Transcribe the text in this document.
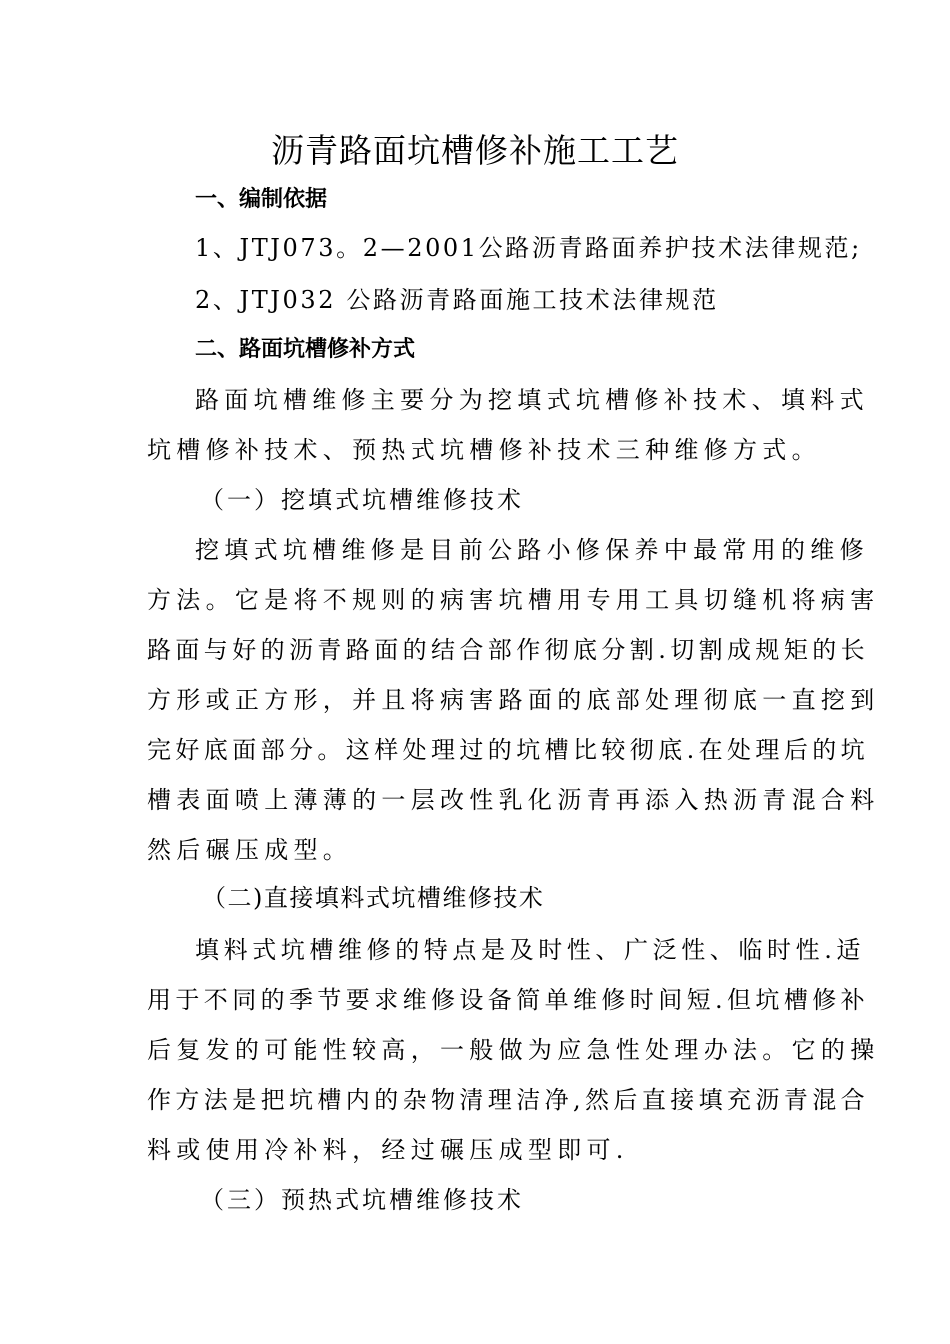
沥青路面坑槽修补施工工艺
一、编制依据
1、JTJ073。2—2001公路沥青路面养护技术法律规范;
2、JTJ032 公路沥青路面施工技术法律规范
二、路面坑槽修补方式
路面坑槽维修主要分为挖填式坑槽修补技术、填料式
坑槽修补技术、预热式坑槽修补技术三种维修方式。
（一）挖填式坑槽维修技术
挖填式坑槽维修是目前公路小修保养中最常用的维修
方法。它是将不规则的病害坑槽用专用工具切缝机将病害
路面与好的沥青路面的结合部作彻底分割.切割成规矩的长
方形或正方形，并且将病害路面的底部处理彻底一直挖到
完好底面部分。这样处理过的坑槽比较彻底.在处理后的坑
槽表面喷上薄薄的一层改性乳化沥青再添入热沥青混合料
然后碾压成型。
（二)直接填料式坑槽维修技术
填料式坑槽维修的特点是及时性、广泛性、临时性.适
用于不同的季节要求维修设备简单维修时间短.但坑槽修补
后复发的可能性较高，一般做为应急性处理办法。它的操
作方法是把坑槽内的杂物清理洁净,然后直接填充沥青混合
料或使用冷补料，经过碾压成型即可.
（三）预热式坑槽维修技术
